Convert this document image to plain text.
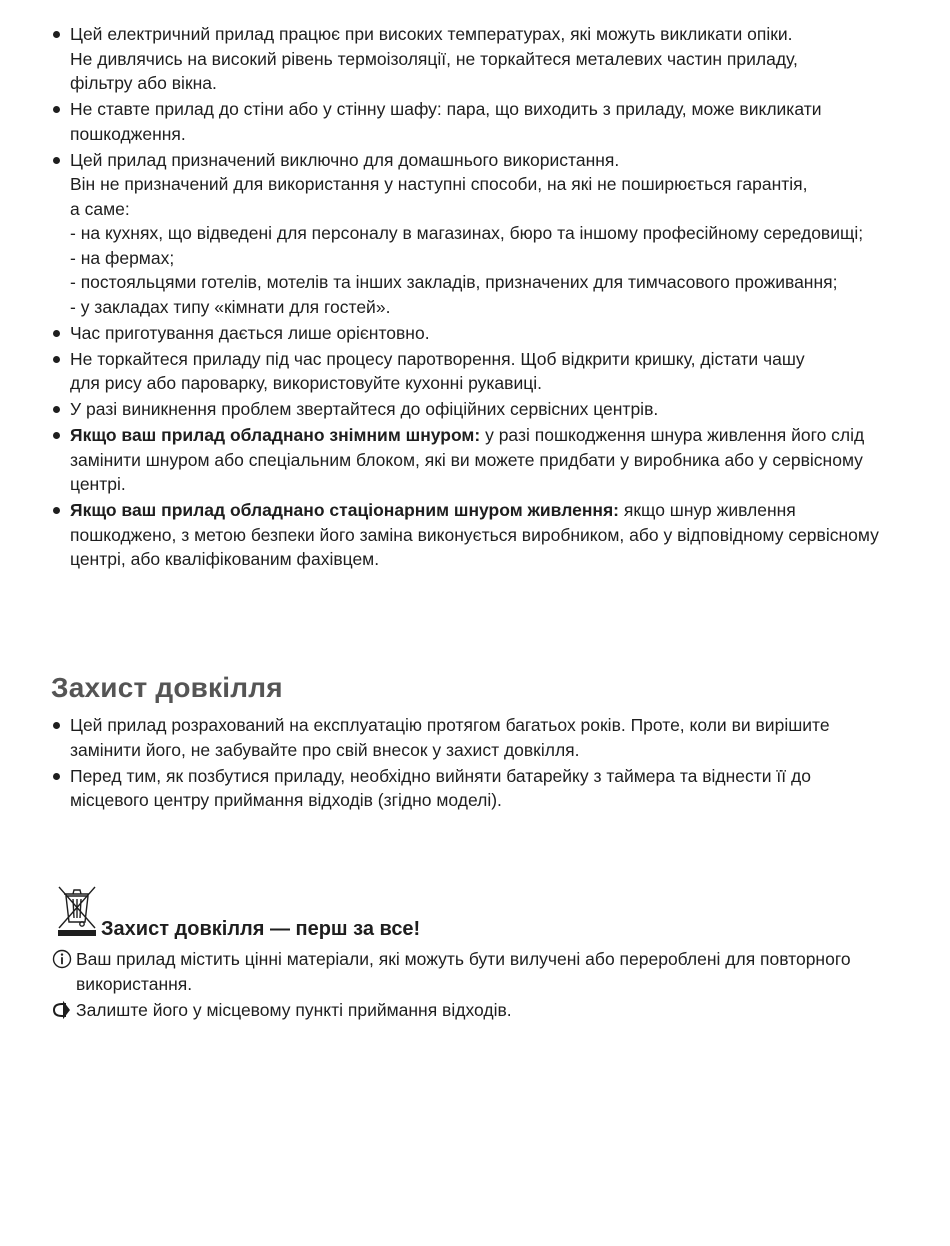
Цей електричний прилад працює при високих температурах, які можуть викликати опіки.
Не дивлячись на високий рівень термоізоляції, не торкайтеся металевих частин приладу,
фільтру або вікна.
Не ставте прилад до стіни або у стінну шафу: пара, що виходить з приладу, може викликати
пошкодження.
Цей прилад призначений виключно для домашнього використання.
Він не призначений для використання у наступні способи, на які не поширюється гарантія,
а саме:
- на кухнях, що відведені для персоналу в магазинах, бюро та іншому професійному середовищі;
- на фермах;
- постояльцями готелів, мотелів та інших закладів, призначених для тимчасового проживання;
- у закладах типу «кімнати для гостей».
Час приготування дається лише орієнтовно.
Не торкайтеся приладу під час процесу паротворення. Щоб відкрити кришку, дістати чашу
для рису або пароварку, використовуйте кухонні рукавиці.
У разі виникнення проблем звертайтеся до офіційних сервісних центрів.
Якщо ваш прилад обладнано знімним шнуром: у разі пошкодження шнура живлення його слід замінити шнуром або спеціальним блоком, які ви можете придбати у виробника або у сервісному центрі.
Якщо ваш прилад обладнано стаціонарним шнуром живлення: якщо шнур живлення пошкоджено, з метою безпеки його заміна виконується виробником, або у відповідному сервісному центрі, або кваліфікованим фахівцем.
Захист довкілля
Цей прилад розрахований на експлуатацію протягом багатьох років. Проте, коли ви вирішите замінити його, не забувайте про свій внесок у захист довкілля.
Перед тим, як позбутися приладу, необхідно вийняти батарейку з таймера та віднести її до місцевого центру приймання відходів (згідно моделі).
Захист довкілля — перш за все!
Ваш прилад містить цінні матеріали, які можуть бути вилучені або перероблені для повторного використання.
Залиште його у місцевому пункті приймання відходів.
